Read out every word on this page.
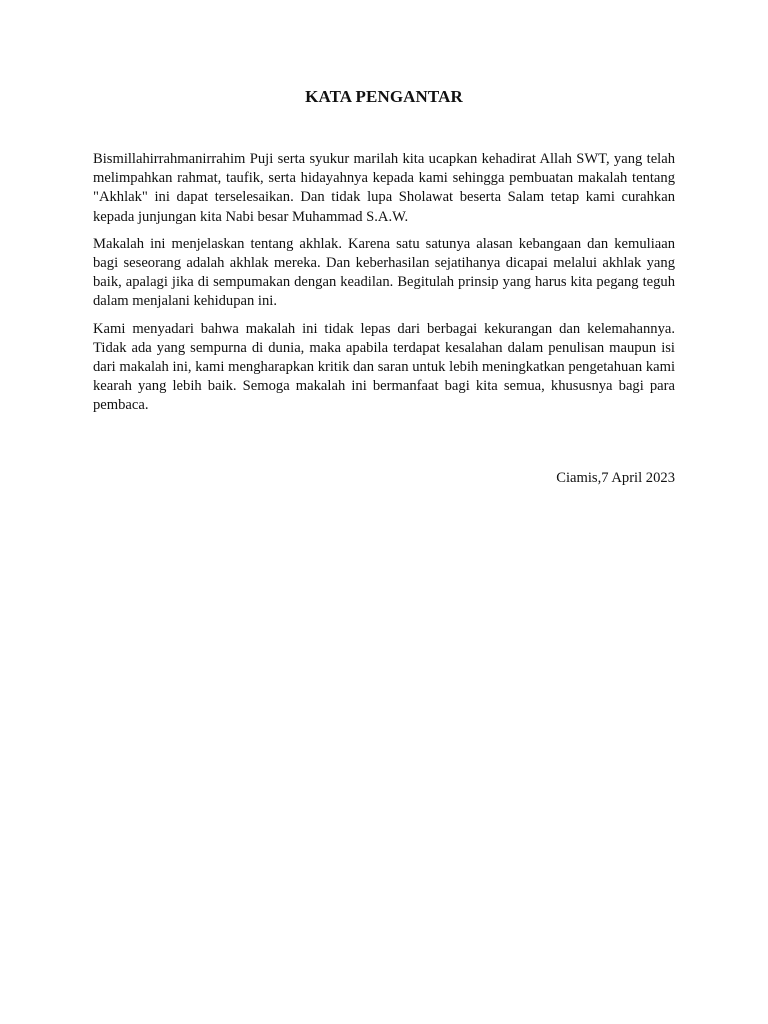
KATA PENGANTAR

Bismillahirrahmanirrahim Puji serta syukur marilah kita ucapkan kehadirat Allah SWT, yang telah melimpahkan rahmat, taufik, serta hidayahnya kepada kami sehingga pembuatan makalah tentang "Akhlak" ini dapat terselesaikan. Dan tidak lupa Sholawat beserta Salam tetap kami curahkan kepada junjungan kita Nabi besar Muhammad S.A.W.

Makalah ini menjelaskan tentang akhlak. Karena satu satunya alasan kebangaan dan kemuliaan bagi seseorang adalah akhlak mereka. Dan keberhasilan sejatihanya dicapai melalui akhlak yang baik, apalagi jika di sempumakan dengan keadilan. Begitulah prinsip yang harus kita pegang teguh dalam menjalani kehidupan ini.

Kami menyadari bahwa makalah ini tidak lepas dari berbagai kekurangan dan kelemahannya. Tidak ada yang sempurna di dunia, maka apabila terdapat kesalahan dalam penulisan maupun isi dari makalah ini, kami mengharapkan kritik dan saran untuk lebih meningkatkan pengetahuan kami kearah yang lebih baik. Semoga makalah ini bermanfaat bagi kita semua, khususnya bagi para pembaca.

Ciamis,7 April 2023
